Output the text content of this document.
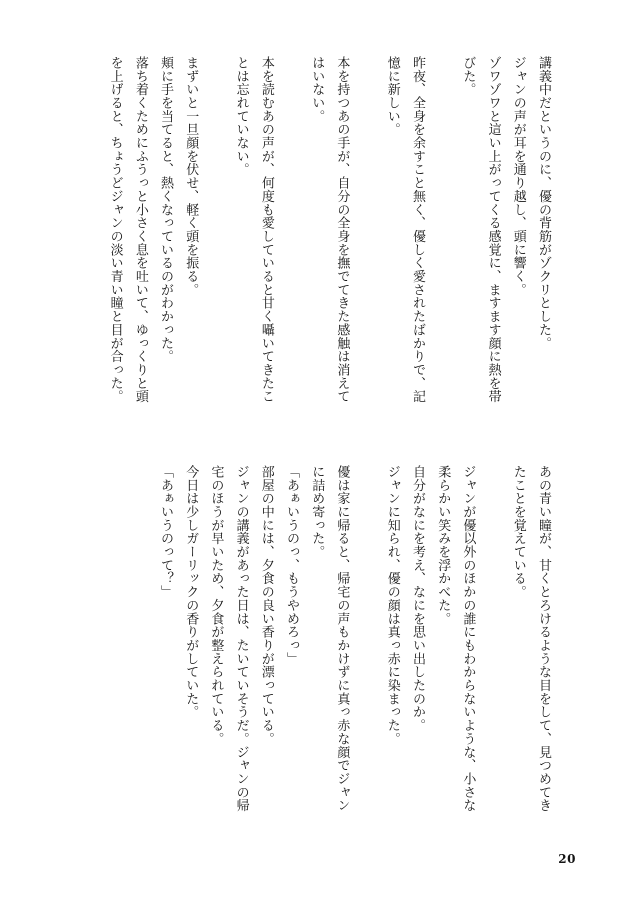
講義中だというのに、優の背筋がゾクリとした。
ジャンの声が耳を通り越し、頭に響く。
ゾワゾワと這い上がってくる感覚に、ますます顔に熱を帯
びた。
昨夜、全身を余すこと無く、優しく愛されたばかりで、記
憶に新しい。
本を持つあの手が、自分の全身を撫でてきた感触は消えて
はいない。
本を読むあの声が、何度も愛していると甘く囁いてきたこ
とは忘れていない。
まずいと一旦顔を伏せ、軽く頭を振る。
頬に手を当てると、熱くなっているのがわかった。
落ち着くためにふうっと小さく息を吐いて、ゆっくりと頭
を上げると、ちょうどジャンの淡い青い瞳と目が合った。
あの青い瞳が、甘くとろけるような目をして、見つめてき
たことを覚えている。
ジャンが優以外のほかの誰にもわからないような、小さな
柔らかい笑みを浮かべた。
自分がなにを考え、なにを思い出したのか。
ジャンに知られ、優の顔は真っ赤に染まった。
優は家に帰ると、帰宅の声もかけずに真っ赤な顔でジャン
に詰め寄った。
「あぁいうのっ、もうやめろっ」
部屋の中には、夕食の良い香りが漂っている。
ジャンの講義があった日は、たいていそうだ。ジャンの帰
宅のほうが早いため、夕食が整えられている。
今日は少しガーリックの香りがしていた。
「あぁいうのって？」
20
